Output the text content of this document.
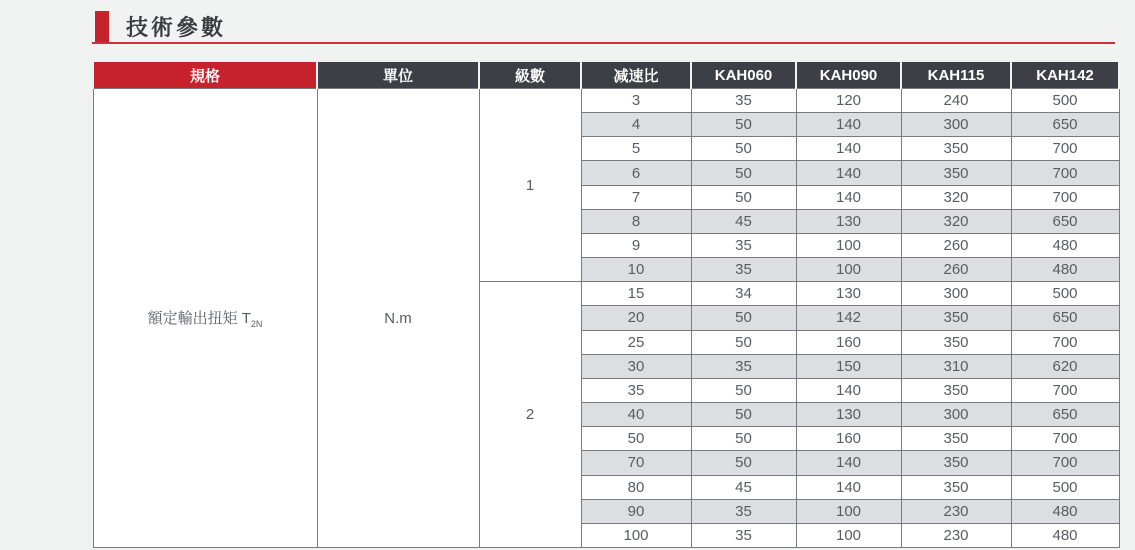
技術參數
規格	單位	級數	减速比	KAH060	KAH090	KAH115	KAH142
額定輸出扭矩 $T_{2N}$	N.m	1	3	35	120	240	500
			4	50	140	300	650
			5	50	140	350	700
			6	50	140	350	700
			7	50	140	320	700
			8	45	130	320	650
			9	35	100	260	480
			10	35	100	260	480
		2	15	34	130	300	500
			20	50	142	350	650
			25	50	160	350	700
			30	35	150	310	620
			35	50	140	350	700
			40	50	130	300	650
			50	50	160	350	700
			70	50	140	350	700
			80	45	140	350	500
			90	35	100	230	480
			100	35	100	230	480
